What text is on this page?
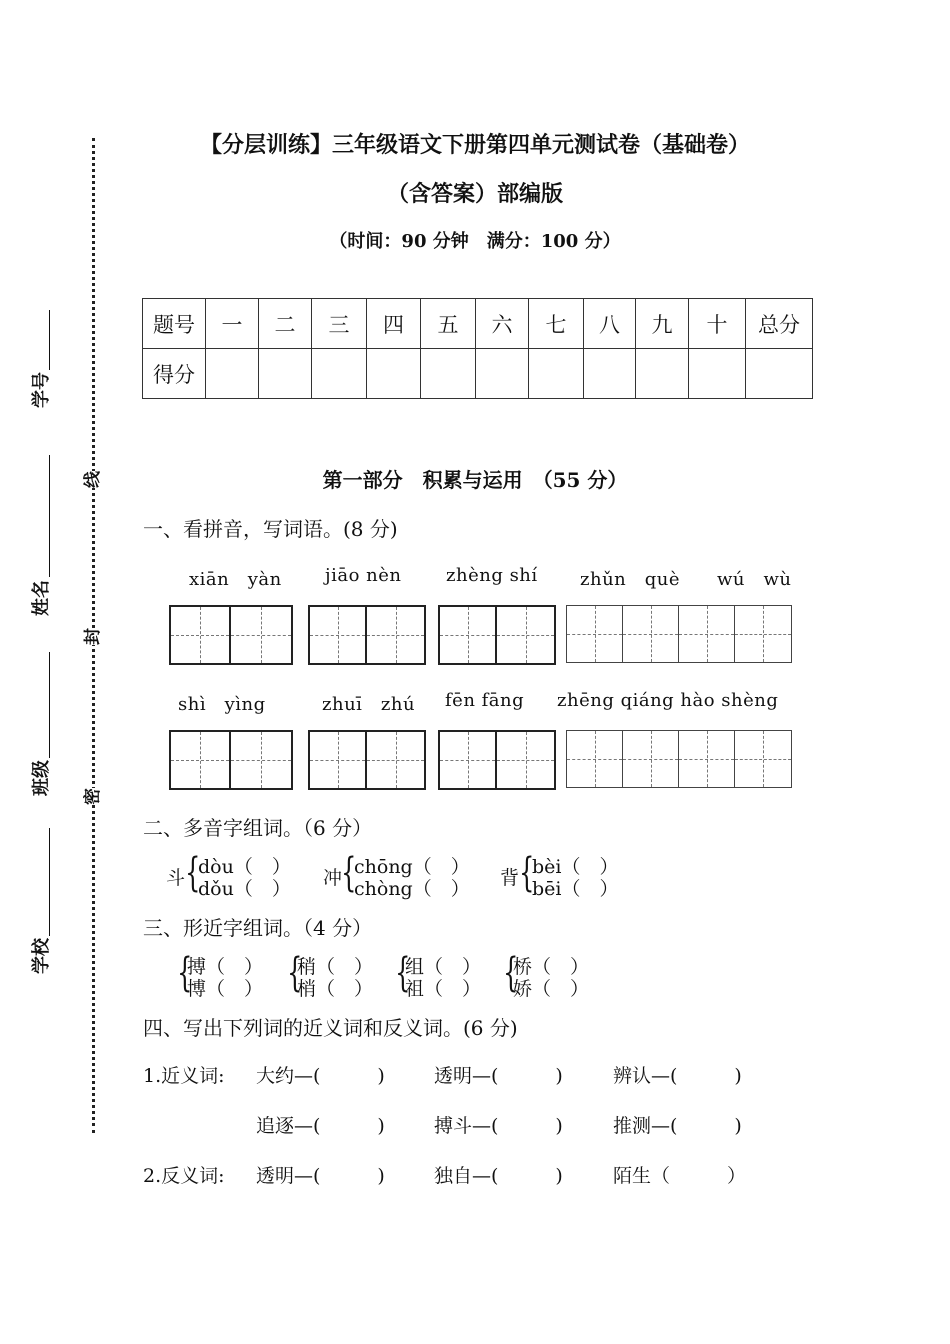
学号
姓名
班级
学校
线
封
密
【分层训练】三年级语文下册第四单元测试卷（基础卷）
（含答案）部编版
（时间：90 分钟　满分：100 分）
题号	一	二	三	四	五	六	七	八	九	十	总分
得分											
第一部分　积累与运用　（55 分）
一、看拼音，写词语。(8 分)
xiān　yàn jiāo nèn zhèng shí zhǔn　què　　wú　wù
shì　yìng	zhuī　zhú fēn fāng zhēng qiáng hào shèng
二、多音字组词。（6 分）
斗 {
dòu（　）
dǒu（　） 冲 {
chōng（　）
chòng（　） 背 {
bèi（　）
bēi（　）
三、形近字组词。（4 分）
{
搏（　）
博（　） {
稍（　）
梢（　） {
组（　）
祖（　） {
桥（　）
娇（　）
四、写出下列词的近义词和反义词。(6 分)
1.近义词: 大约—(　　　)	透明—(　　　)	辨认—(　　　)
追逐—(　　　)	搏斗—(　　　)	推测—(　　　)
2.反义词: 透明—(　　　)	独自—(　　　)	陌生（　　　）
